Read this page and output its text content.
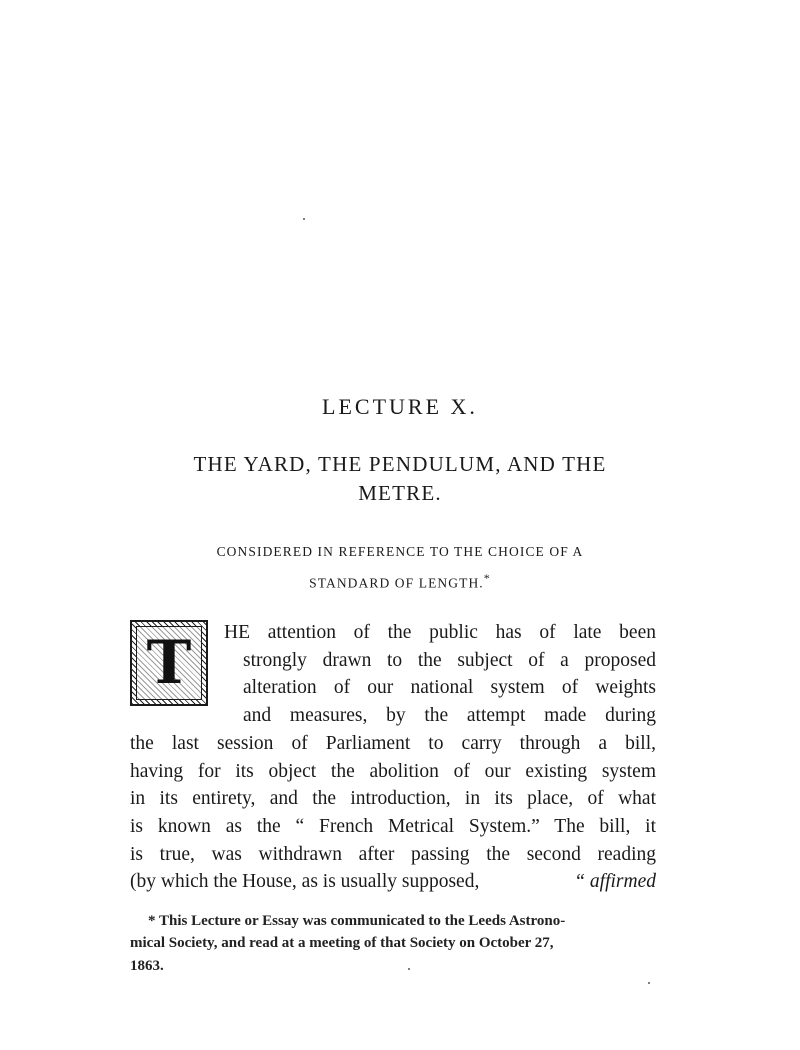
LECTURE X.
THE YARD, THE PENDULUM, AND THE
METRE.
CONSIDERED IN REFERENCE TO THE CHOICE OF A
STANDARD OF LENGTH.*
T	HE attention of the public has of late been
strongly drawn to the subject of a proposed
alteration of our national system of weights
and measures, by the attempt made during
the last session of Parliament to carry through a bill,
having for its object the abolition of our existing system
in its entirety, and the introduction, in its place, of what
is known as the “ French Metrical System.” The bill, it
is true, was withdrawn after passing the second reading
(by which the House, as is usually supposed,	“ affirmed
* This Lecture or Essay was communicated to the Leeds Astrono-
mical Society, and read at a meeting of that Society on October 27,
1863.
